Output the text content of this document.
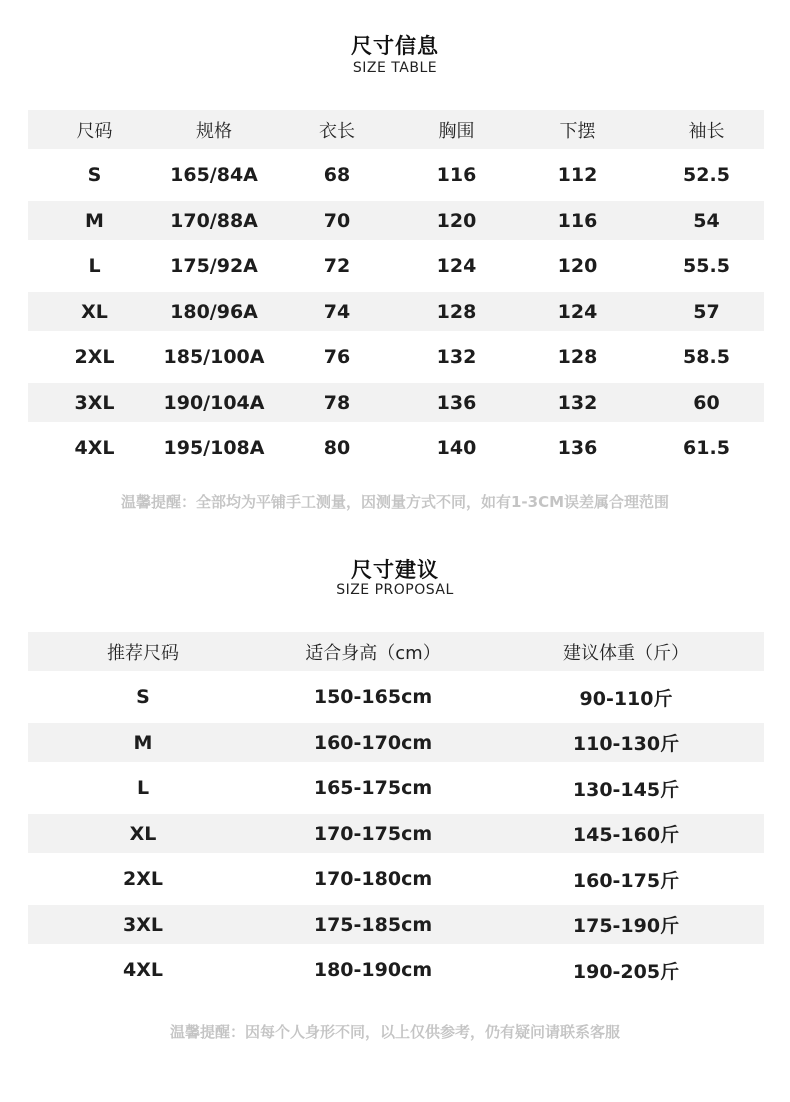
尺寸信息
SIZE TABLE
尺码	规格	衣长	胸围	下摆	袖长
S	165/84A	68	116	112	52.5
M	170/88A	70	120	116	54
L	175/92A	72	124	120	55.5
XL	180/96A	74	128	124	57
2XL	185/100A	76	132	128	58.5
3XL	190/104A	78	136	132	60
4XL	195/108A	80	140	136	61.5
温馨提醒：全部均为平铺手工测量，因测量方式不同，如有1-3CM误差属合理范围
尺寸建议
SIZE PROPOSAL
推荐尺码	适合身高（cm）	建议体重（斤）
S	150-165cm	90-110斤
M	160-170cm	110-130斤
L	165-175cm	130-145斤
XL	170-175cm	145-160斤
2XL	170-180cm	160-175斤
3XL	175-185cm	175-190斤
4XL	180-190cm	190-205斤
温馨提醒：因每个人身形不同，以上仅供参考，仍有疑问请联系客服
